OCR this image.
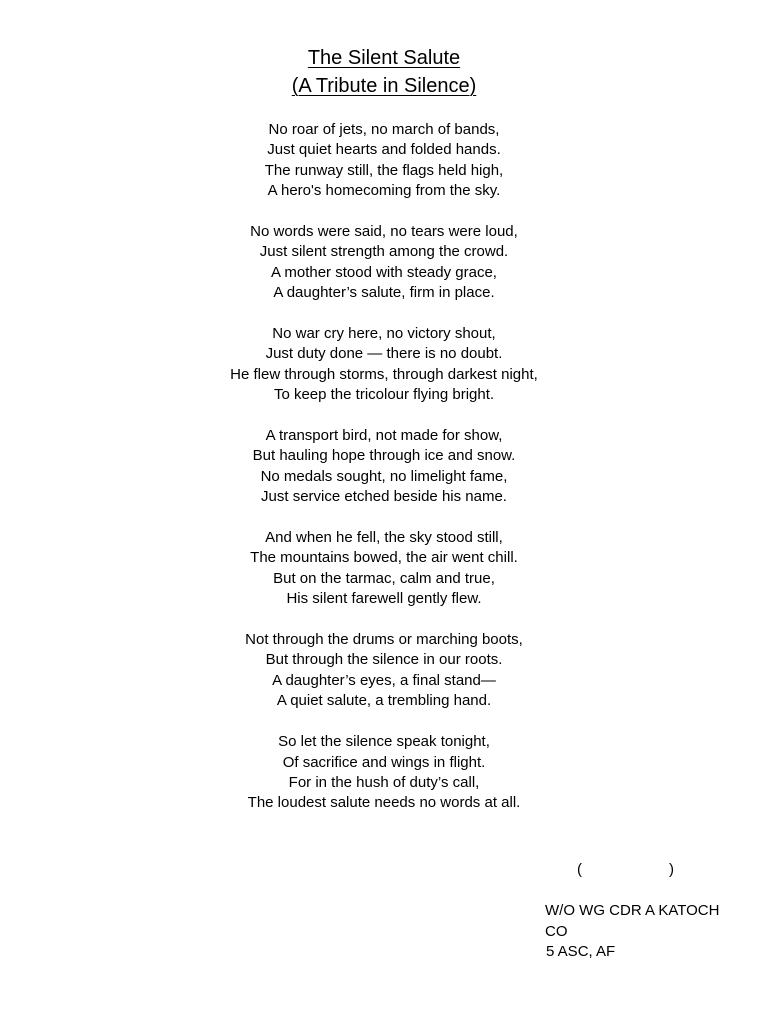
The Silent Salute
(A Tribute in Silence)
No roar of jets, no march of bands,
Just quiet hearts and folded hands.
The runway still, the flags held high,
A hero's homecoming from the sky.
No words were said, no tears were loud,
Just silent strength among the crowd.
A mother stood with steady grace,
A daughter’s salute, firm in place.
No war cry here, no victory shout,
Just duty done — there is no doubt.
He flew through storms, through darkest night,
To keep the tricolour flying bright.
A transport bird, not made for show,
But hauling hope through ice and snow.
No medals sought, no limelight fame,
Just service etched beside his name.
And when he fell, the sky stood still,
The mountains bowed, the air went chill.
But on the tarmac, calm and true,
His silent farewell gently flew.
Not through the drums or marching boots,
But through the silence in our roots.
A daughter’s eyes, a final stand—
A quiet salute, a trembling hand.
So let the silence speak tonight,
Of sacrifice and wings in flight.
For in the hush of duty’s call,
The loudest salute needs no words at all.
(	)
W/O WG CDR A KATOCH
CO
5 ASC, AF
